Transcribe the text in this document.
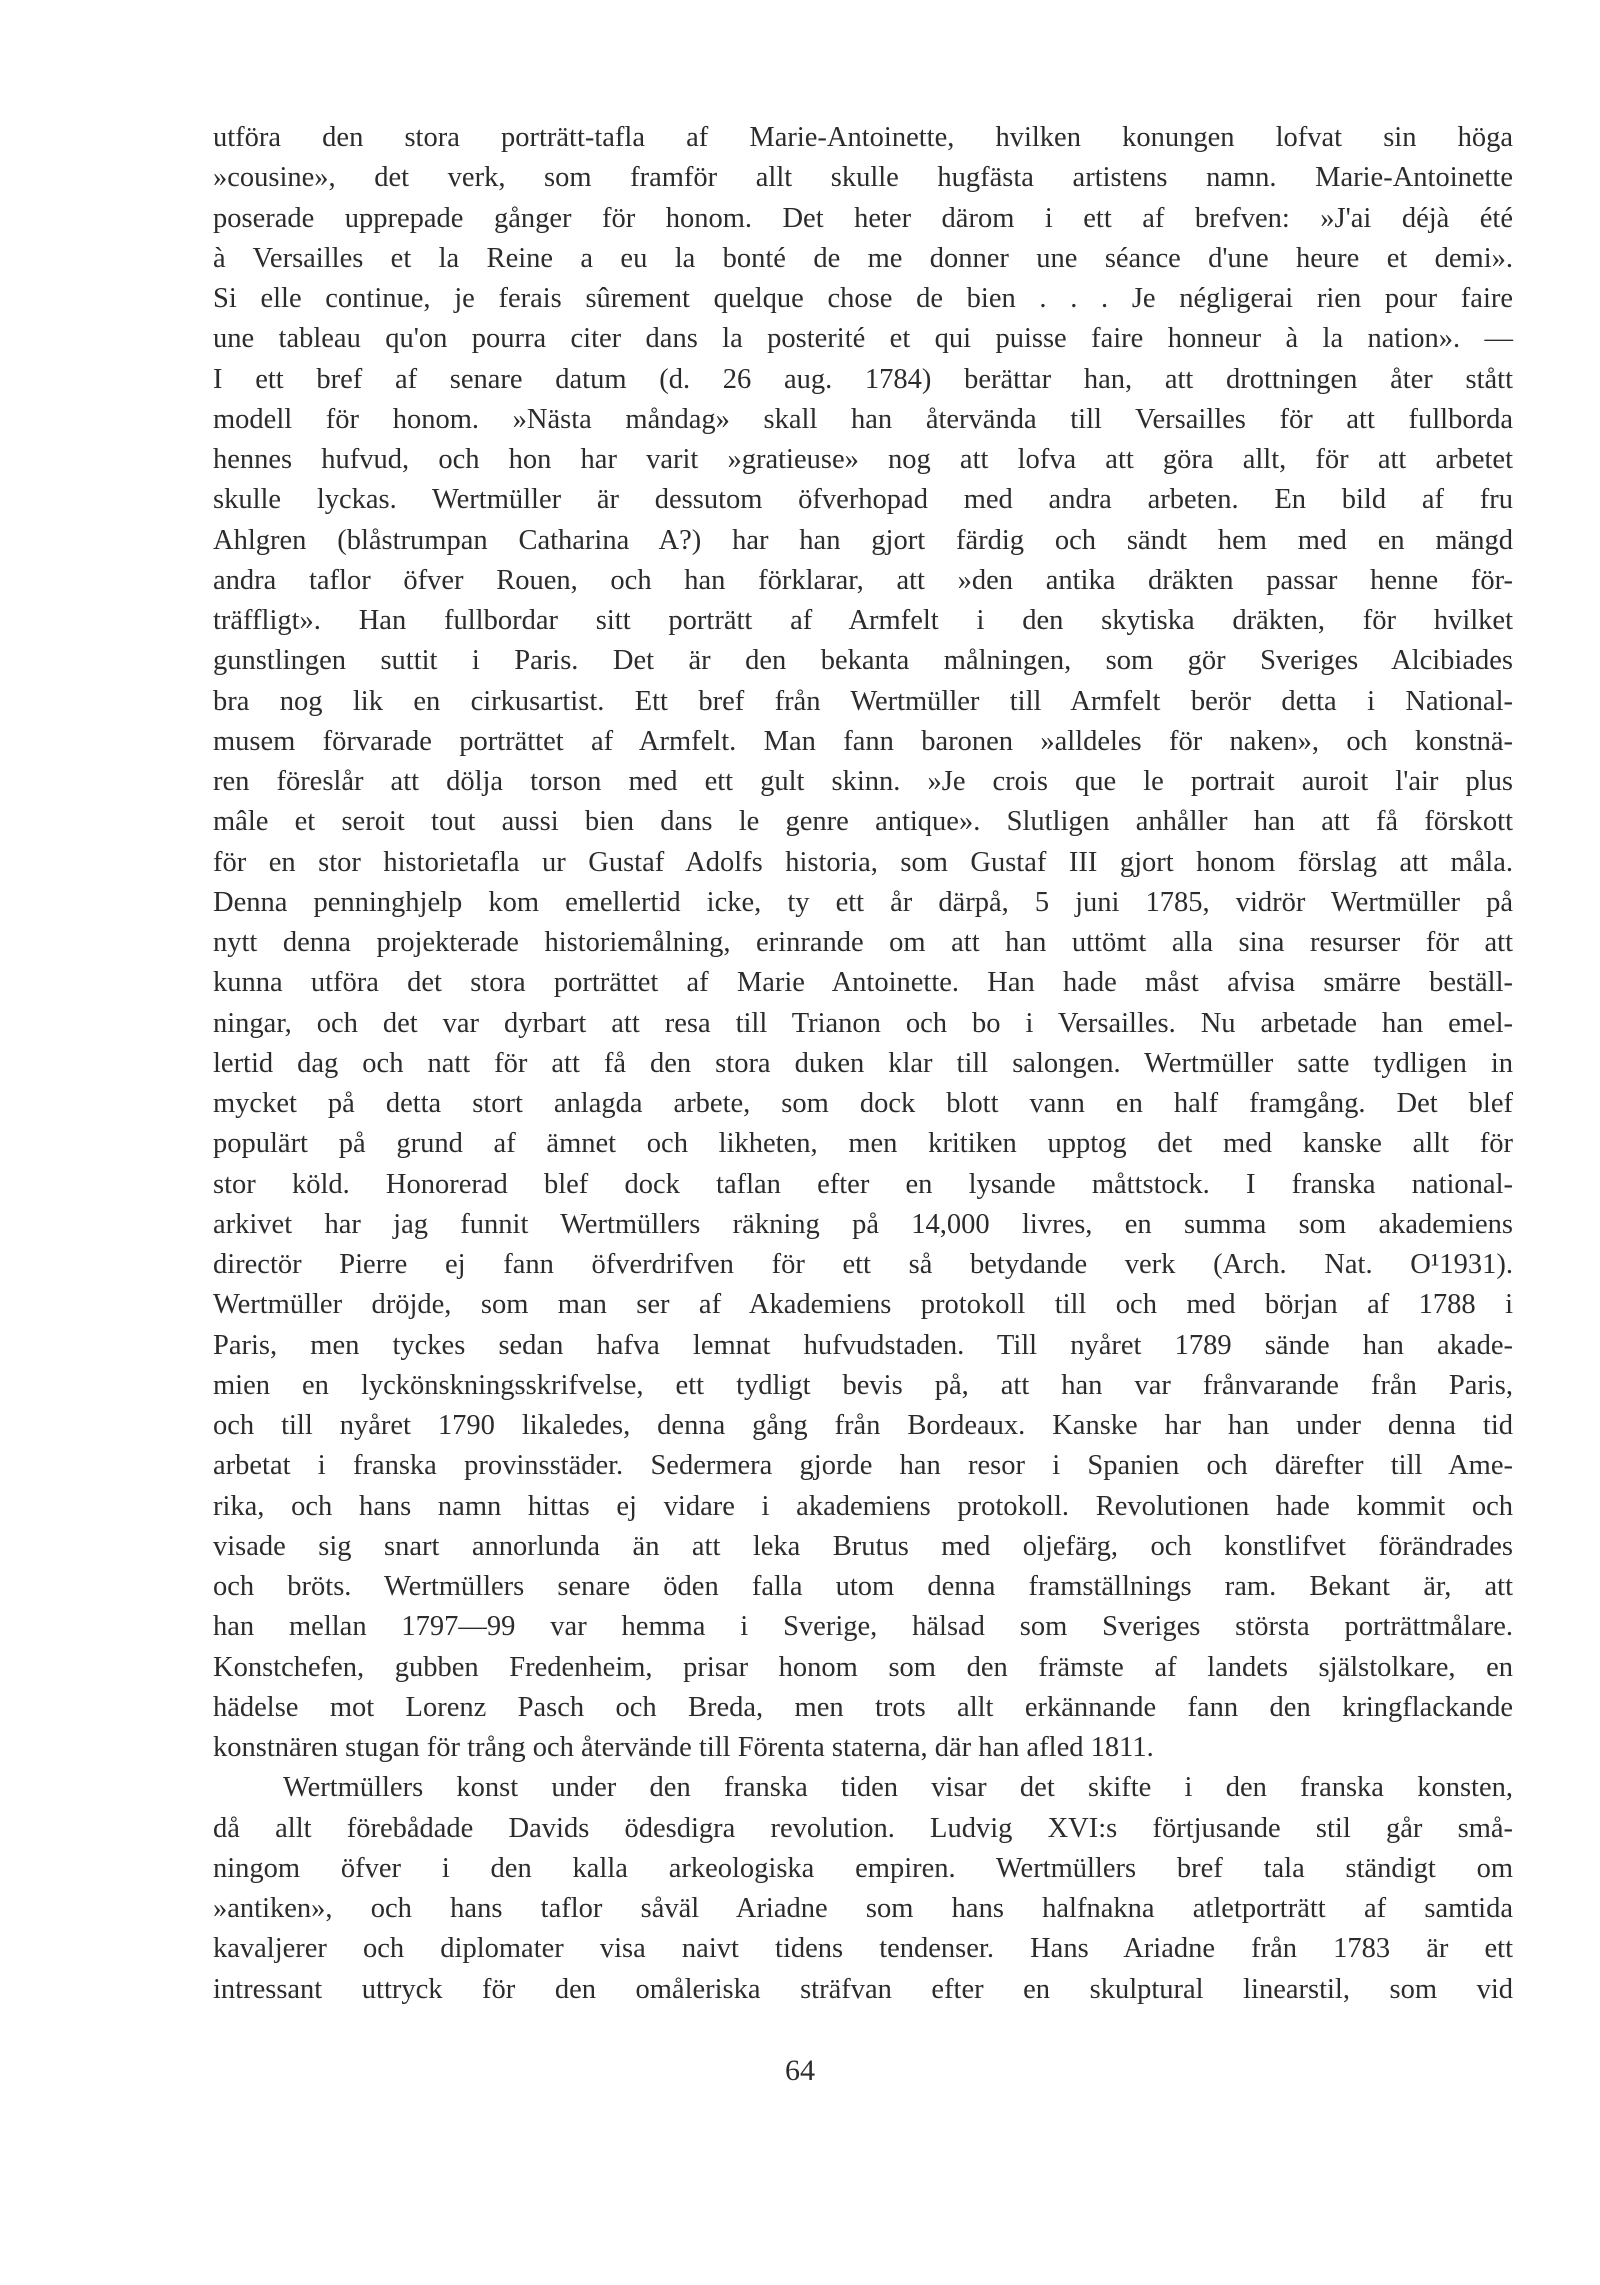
utföra den stora porträtt-tafla af Marie-Antoinette, hvilken konungen lofvat sin höga
»cousine», det verk, som framför allt skulle hugfästa artistens namn. Marie-Antoinette
poserade upprepade gånger för honom. Det heter därom i ett af brefven: »J'ai déjà été
à Versailles et la Reine a eu la bonté de me donner une séance d'une heure et demi».
Si elle continue, je ferais sûrement quelque chose de bien . . . Je négligerai rien pour faire
une tableau qu'on pourra citer dans la posterité et qui puisse faire honneur à la nation». —
I ett bref af senare datum (d. 26 aug. 1784) berättar han, att drottningen åter stått
modell för honom. »Nästa måndag» skall han återvända till Versailles för att fullborda
hennes hufvud, och hon har varit »gratieuse» nog att lofva att göra allt, för att arbetet
skulle lyckas. Wertmüller är dessutom öfverhopad med andra arbeten. En bild af fru
Ahlgren (blåstrumpan Catharina A?) har han gjort färdig och sändt hem med en mängd
andra taflor öfver Rouen, och han förklarar, att »den antika dräkten passar henne för-
träffligt». Han fullbordar sitt porträtt af Armfelt i den skytiska dräkten, för hvilket
gunstlingen suttit i Paris. Det är den bekanta målningen, som gör Sveriges Alcibiades
bra nog lik en cirkusartist. Ett bref från Wertmüller till Armfelt berör detta i National-
musem förvarade porträttet af Armfelt. Man fann baronen »alldeles för naken», och konstnä-
ren föreslår att dölja torson med ett gult skinn. »Je crois que le portrait auroit l'air plus
mâle et seroit tout aussi bien dans le genre antique». Slutligen anhåller han att få förskott
för en stor historietafla ur Gustaf Adolfs historia, som Gustaf III gjort honom förslag att måla.
Denna penninghjelp kom emellertid icke, ty ett år därpå, 5 juni 1785, vidrör Wertmüller på
nytt denna projekterade historiemålning, erinrande om att han uttömt alla sina resurser för att
kunna utföra det stora porträttet af Marie Antoinette. Han hade måst afvisa smärre beställ-
ningar, och det var dyrbart att resa till Trianon och bo i Versailles. Nu arbetade han emel-
lertid dag och natt för att få den stora duken klar till salongen. Wertmüller satte tydligen in
mycket på detta stort anlagda arbete, som dock blott vann en half framgång. Det blef
populärt på grund af ämnet och likheten, men kritiken upptog det med kanske allt för
stor köld. Honorerad blef dock taflan efter en lysande måttstock. I franska national-
arkivet har jag funnit Wertmüllers räkning på 14,000 livres, en summa som akademiens
directör Pierre ej fann öfverdrifven för ett så betydande verk (Arch. Nat. O¹1931).
Wertmüller dröjde, som man ser af Akademiens protokoll till och med början af 1788 i
Paris, men tyckes sedan hafva lemnat hufvudstaden. Till nyåret 1789 sände han akade-
mien en lyckönskningsskrifvelse, ett tydligt bevis på, att han var frånvarande från Paris,
och till nyåret 1790 likaledes, denna gång från Bordeaux. Kanske har han under denna tid
arbetat i franska provinsstäder. Sedermera gjorde han resor i Spanien och därefter till Ame-
rika, och hans namn hittas ej vidare i akademiens protokoll. Revolutionen hade kommit och
visade sig snart annorlunda än att leka Brutus med oljefärg, och konstlifvet förändrades
och bröts. Wertmüllers senare öden falla utom denna framställnings ram. Bekant är, att
han mellan 1797—99 var hemma i Sverige, hälsad som Sveriges största porträttmålare.
Konstchefen, gubben Fredenheim, prisar honom som den främste af landets själstolkare, en
hädelse mot Lorenz Pasch och Breda, men trots allt erkännande fann den kringflackande
konstnären stugan för trång och återvände till Förenta staterna, där han afled 1811.
Wertmüllers konst under den franska tiden visar det skifte i den franska konsten,
då allt förebådade Davids ödesdigra revolution. Ludvig XVI:s förtjusande stil går små-
ningom öfver i den kalla arkeologiska empiren. Wertmüllers bref tala ständigt om
»antiken», och hans taflor såväl Ariadne som hans halfnakna atletporträtt af samtida
kavaljerer och diplomater visa naivt tidens tendenser. Hans Ariadne från 1783 är ett
intressant uttryck för den omåleriska sträfvan efter en skulptural linearstil, som vid
64
